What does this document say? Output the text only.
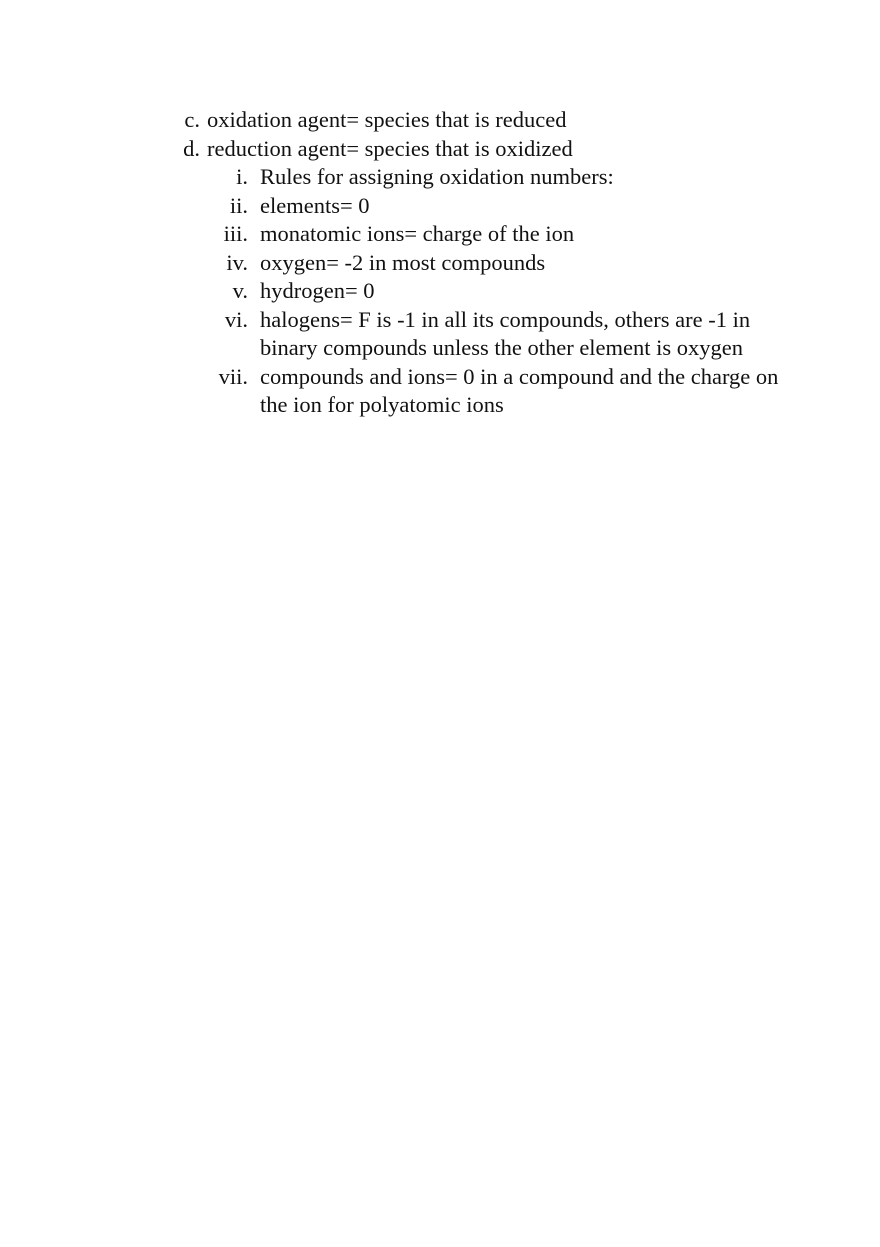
c. oxidation agent= species that is reduced
d. reduction agent= species that is oxidized
i. Rules for assigning oxidation numbers:
ii. elements= 0
iii. monatomic ions= charge of the ion
iv. oxygen= -2 in most compounds
v. hydrogen= 0
vi. halogens= F is -1 in all its compounds, others are -1 in binary compounds unless the other element is oxygen
vii. compounds and ions= 0 in a compound and the charge on the ion for polyatomic ions
